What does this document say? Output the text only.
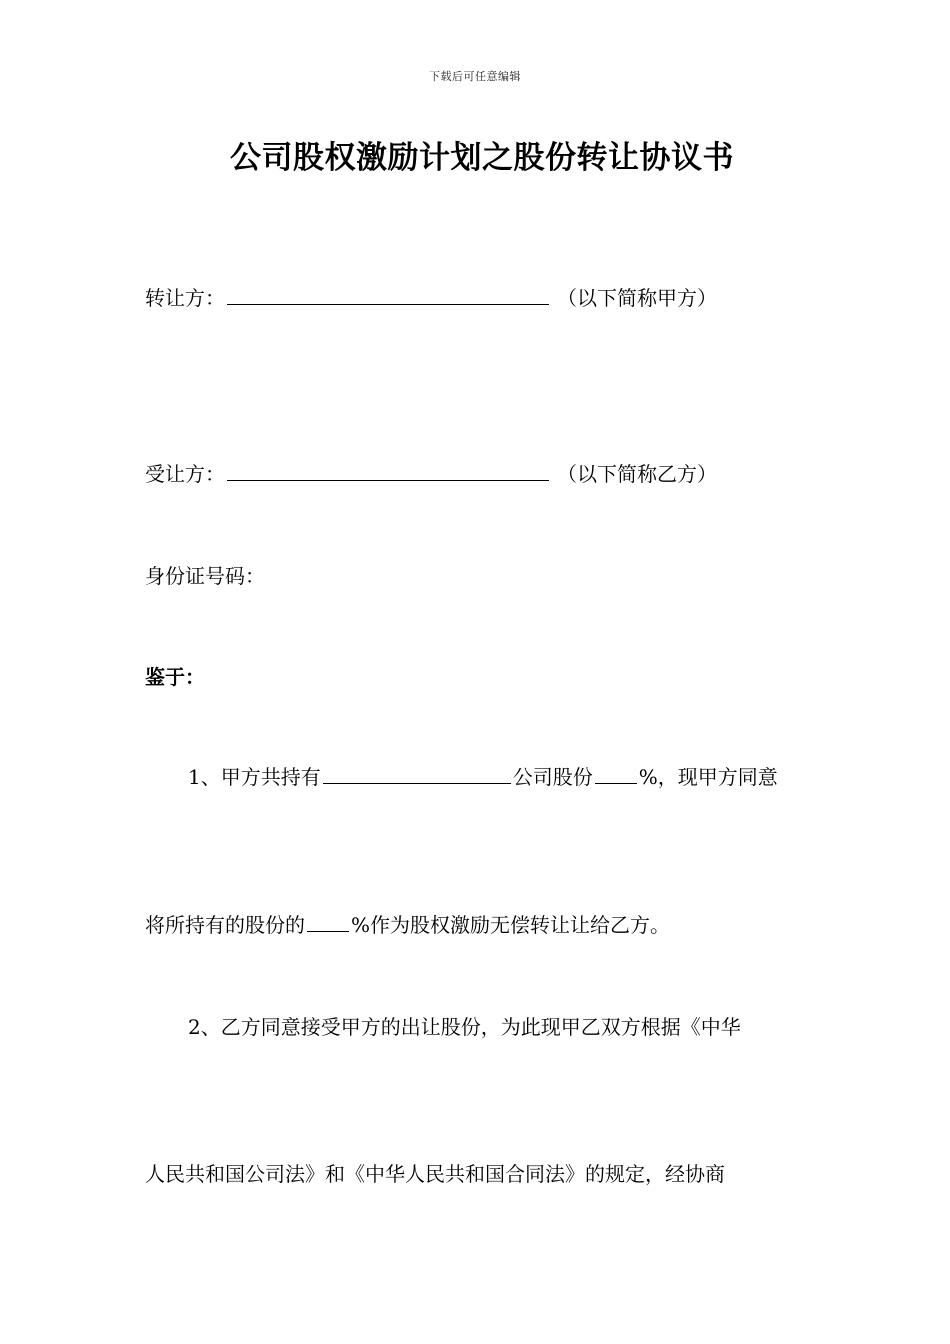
下载后可任意编辑
公司股权激励计划之股份转让协议书
转让方：	（以下简称甲方）
受让方：	（以下简称乙方）
身份证号码：
鉴于：
1、甲方共持有	公司股份 %，现甲方同意
将所持有的股份的 %作为股权激励无偿转让让给乙方。
2、乙方同意接受甲方的出让股份，为此现甲乙双方根据《中华
人民共和国公司法》和《中华人民共和国合同法》的规定，经协商
